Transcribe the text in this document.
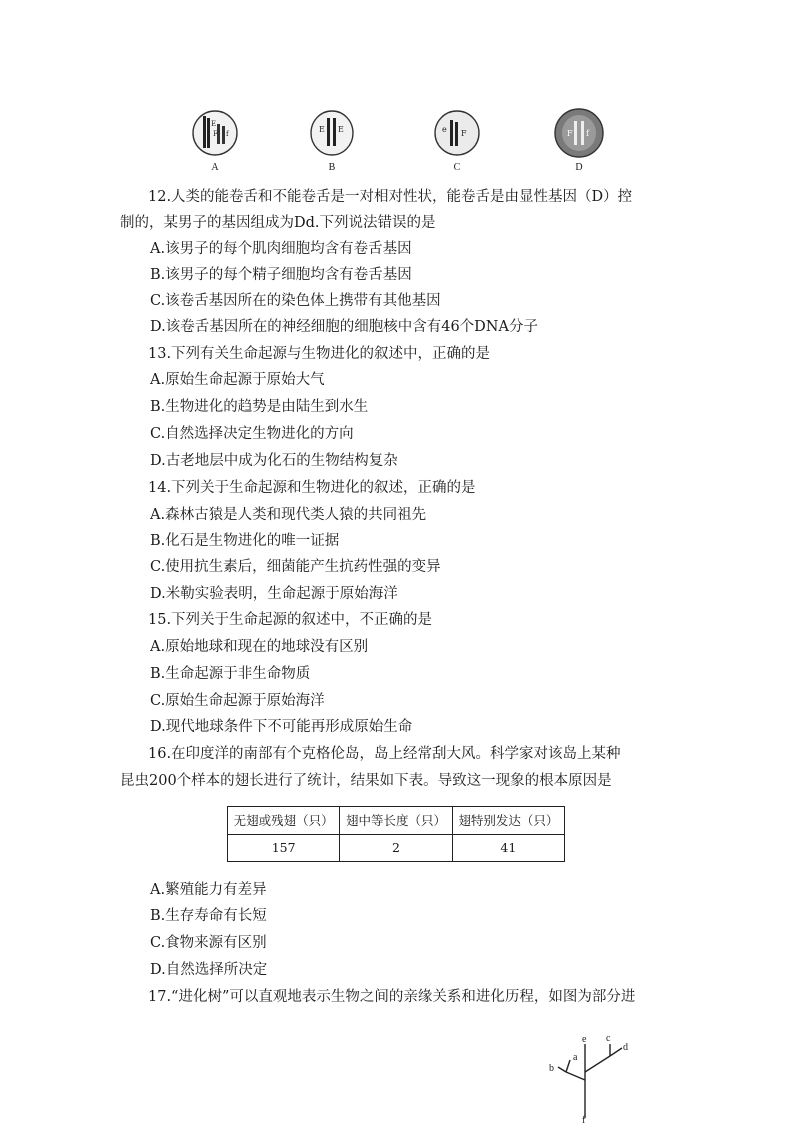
E
F f
A
E E
B
e F
C
F f
D
12.人类的能卷舌和不能卷舌是一对相对性状，能卷舌是由显性基因（D）控
制的，某男子的基因组成为Dd.下列说法错误的是
A.该男子的每个肌肉细胞均含有卷舌基因
B.该男子的每个精子细胞均含有卷舌基因
C.该卷舌基因所在的染色体上携带有其他基因
D.该卷舌基因所在的神经细胞的细胞核中含有46个DNA分子
13.下列有关生命起源与生物进化的叙述中，正确的是
A.原始生命起源于原始大气
B.生物进化的趋势是由陆生到水生
C.自然选择决定生物进化的方向
D.古老地层中成为化石的生物结构复杂
14.下列关于生命起源和生物进化的叙述，正确的是
A.森林古猿是人类和现代类人猿的共同祖先
B.化石是生物进化的唯一证据
C.使用抗生素后，细菌能产生抗药性强的变异
D.米勒实验表明，生命起源于原始海洋
15.下列关于生命起源的叙述中，不正确的是
A.原始地球和现在的地球没有区别
B.生命起源于非生命物质
C.原始生命起源于原始海洋
D.现代地球条件下不可能再形成原始生命
16.在印度洋的南部有个克格伦岛，岛上经常刮大风。科学家对该岛上某种
昆虫200个样本的翅长进行了统计，结果如下表。导致这一现象的根本原因是
无翅或残翅（只）	翅中等长度（只）	翅特别发达（只）
157	2	41
A.繁殖能力有差异
B.生存寿命有长短
C.食物来源有区别
D.自然选择所决定
17.“进化树”可以直观地表示生物之间的亲缘关系和进化历程，如图为部分进
a
b
c
d
e
f
